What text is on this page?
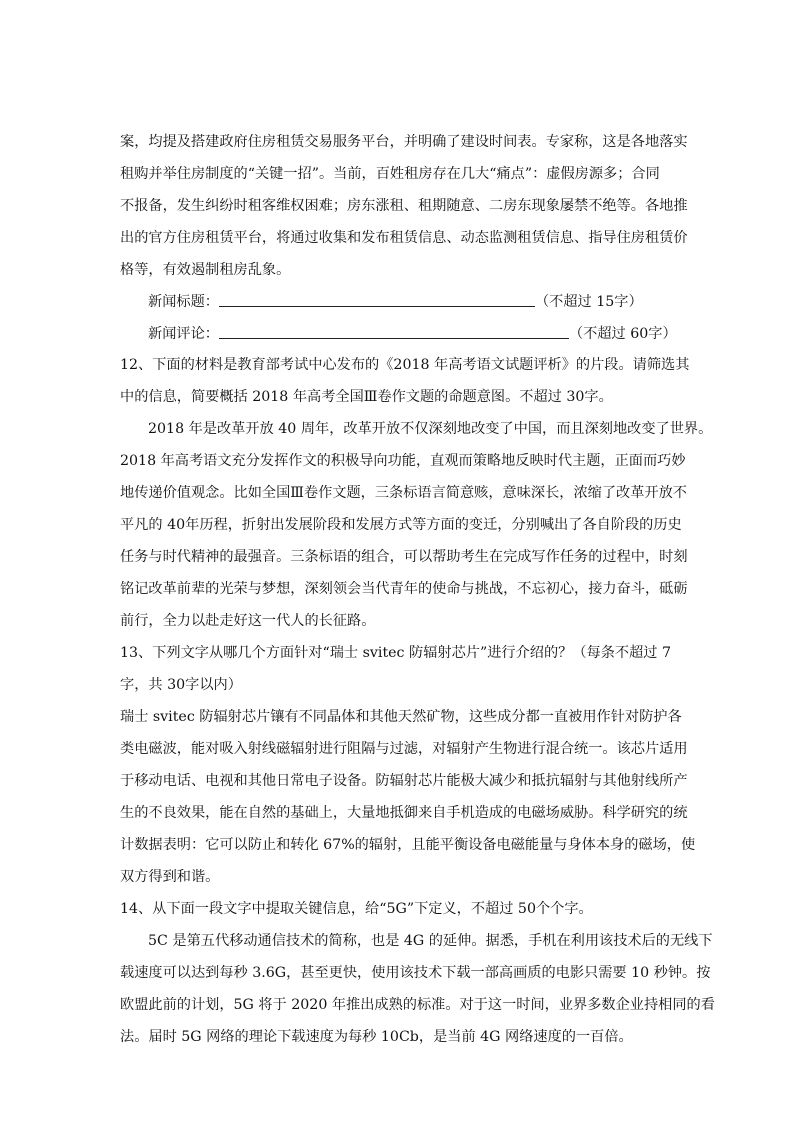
案，均提及搭建政府住房租赁交易服务平台，并明确了建设时间表。专家称，这是各地落实
租购并举住房制度的“关键一招”。当前，百姓租房存在几大“痛点”：虚假房源多；合同
不报备，发生纠纷时租客维权困难；房东涨租、租期随意、二房东现象屡禁不绝等。各地推
出的官方住房租赁平台，将通过收集和发布租赁信息、动态监测租赁信息、指导住房租赁价
格等，有效遏制租房乱象。
新闻标题：	（不超过 15字）
新闻评论：	（不超过 60字）
12、下面的材料是教育部考试中心发布的《2018 年高考语文试题评析》的片段。请筛选其
中的信息，简要概括 2018 年高考全国Ⅲ卷作文题的命题意图。不超过 30字。
2018 年是改革开放 40 周年，改革开放不仅深刻地改变了中国，而且深刻地改变了世界。
2018 年高考语文充分发挥作文的积极导向功能，直观而策略地反映时代主题，正面而巧妙
地传递价值观念。比如全国Ⅲ卷作文题，三条标语言简意赅，意味深长，浓缩了改革开放不
平凡的 40年历程，折射出发展阶段和发展方式等方面的变迁，分别喊出了各自阶段的历史
任务与时代精神的最强音。三条标语的组合，可以帮助考生在完成写作任务的过程中，时刻
铭记改革前辈的光荣与梦想，深刻领会当代青年的使命与挑战，不忘初心，接力奋斗，砥砺
前行，全力以赴走好这一代人的长征路。
13、下列文字从哪几个方面针对“瑞士 svitec 防辐射芯片”进行介绍的？（每条不超过 7
字，共 30字以内）
瑞士 svitec 防辐射芯片镶有不同晶体和其他天然矿物，这些成分都一直被用作针对防护各
类电磁波，能对吸入射线磁辐射进行阻隔与过滤，对辐射产生物进行混合统一。该芯片适用
于移动电话、电视和其他日常电子设备。防辐射芯片能极大减少和抵抗辐射与其他射线所产
生的不良效果，能在自然的基础上，大量地抵御来自手机造成的电磁场威胁。科学研究的统
计数据表明：它可以防止和转化 67%的辐射，且能平衡设备电磁能量与身体本身的磁场，使
双方得到和谐。
14、从下面一段文字中提取关键信息，给“5G”下定义，不超过 50个个字。
5C 是第五代移动通信技术的简称，也是 4G 的延伸。据悉，手机在利用该技术后的无线下
载速度可以达到每秒 3.6G，甚至更快，使用该技术下载一部高画质的电影只需要 10 秒钟。按
欧盟此前的计划，5G 将于 2020 年推出成熟的标准。对于这一时间，业界多数企业持相同的看
法。届时 5G 网络的理论下载速度为每秒 10Cb，是当前 4G 网络速度的一百倍。
